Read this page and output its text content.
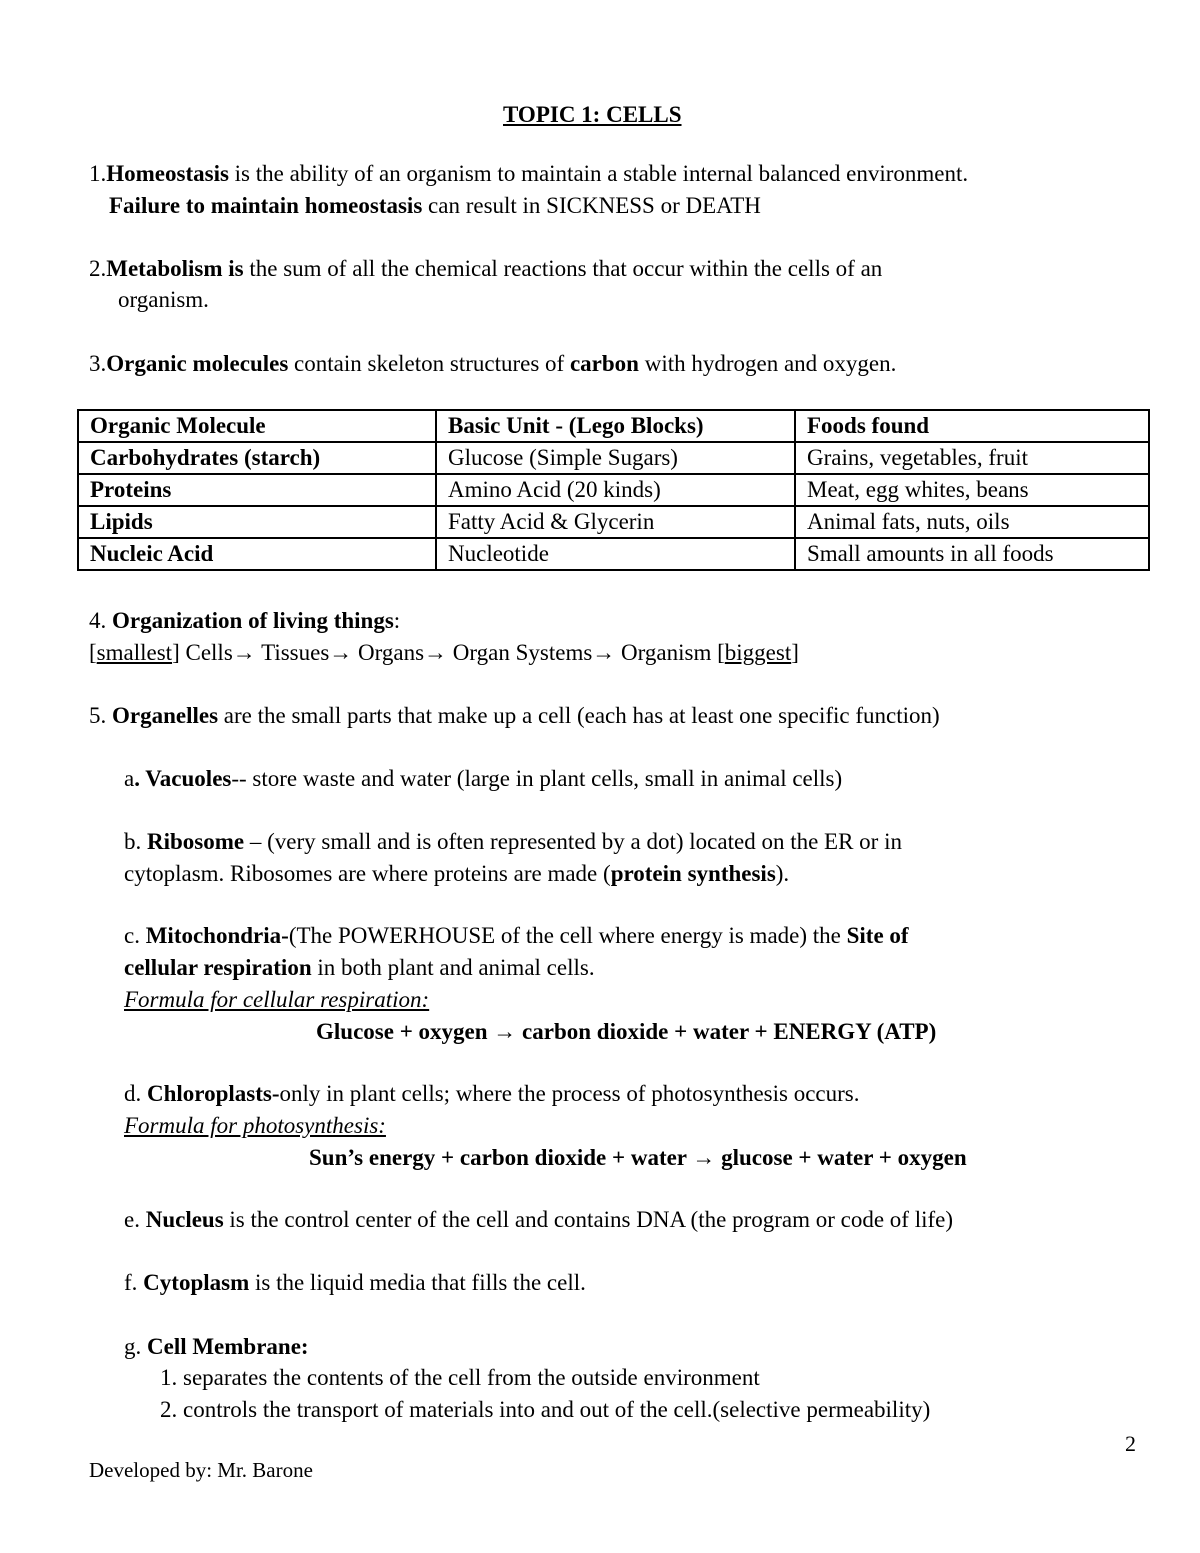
TOPIC 1: CELLS
1.Homeostasis is the ability of an organism to maintain a stable internal balanced environment.
Failure to maintain homeostasis can result in SICKNESS or DEATH
2.Metabolism is the sum of all the chemical reactions that occur within the cells of an
organism.
3.Organic molecules contain skeleton structures of carbon with hydrogen and oxygen.
Organic Molecule	Basic Unit - (Lego Blocks)	Foods found
Carbohydrates (starch)	Glucose (Simple Sugars)	Grains, vegetables, fruit
Proteins	Amino Acid (20 kinds)	Meat, egg whites, beans
Lipids	Fatty Acid & Glycerin	Animal fats, nuts, oils
Nucleic Acid	Nucleotide	Small amounts in all foods
4. Organization of living things:
[smallest] Cells→ Tissues→ Organs→ Organ Systems→ Organism [biggest]
5. Organelles are the small parts that make up a cell (each has at least one specific function)
a. Vacuoles-- store waste and water (large in plant cells, small in animal cells)
b. Ribosome – (very small and is often represented by a dot) located on the ER or in
cytoplasm. Ribosomes are where proteins are made (protein synthesis).
c. Mitochondria-(The POWERHOUSE of the cell where energy is made) the Site of
cellular respiration in both plant and animal cells.
Formula for cellular respiration:
Glucose + oxygen → carbon dioxide + water + ENERGY (ATP)
d. Chloroplasts-only in plant cells; where the process of photosynthesis occurs.
Formula for photosynthesis:
Sun’s energy + carbon dioxide + water → glucose + water + oxygen
e. Nucleus is the control center of the cell and contains DNA (the program or code of life)
f. Cytoplasm is the liquid media that fills the cell.
g. Cell Membrane:
1. separates the contents of the cell from the outside environment
2. controls the transport of materials into and out of the cell.(selective permeability)
2
Developed by: Mr. Barone
